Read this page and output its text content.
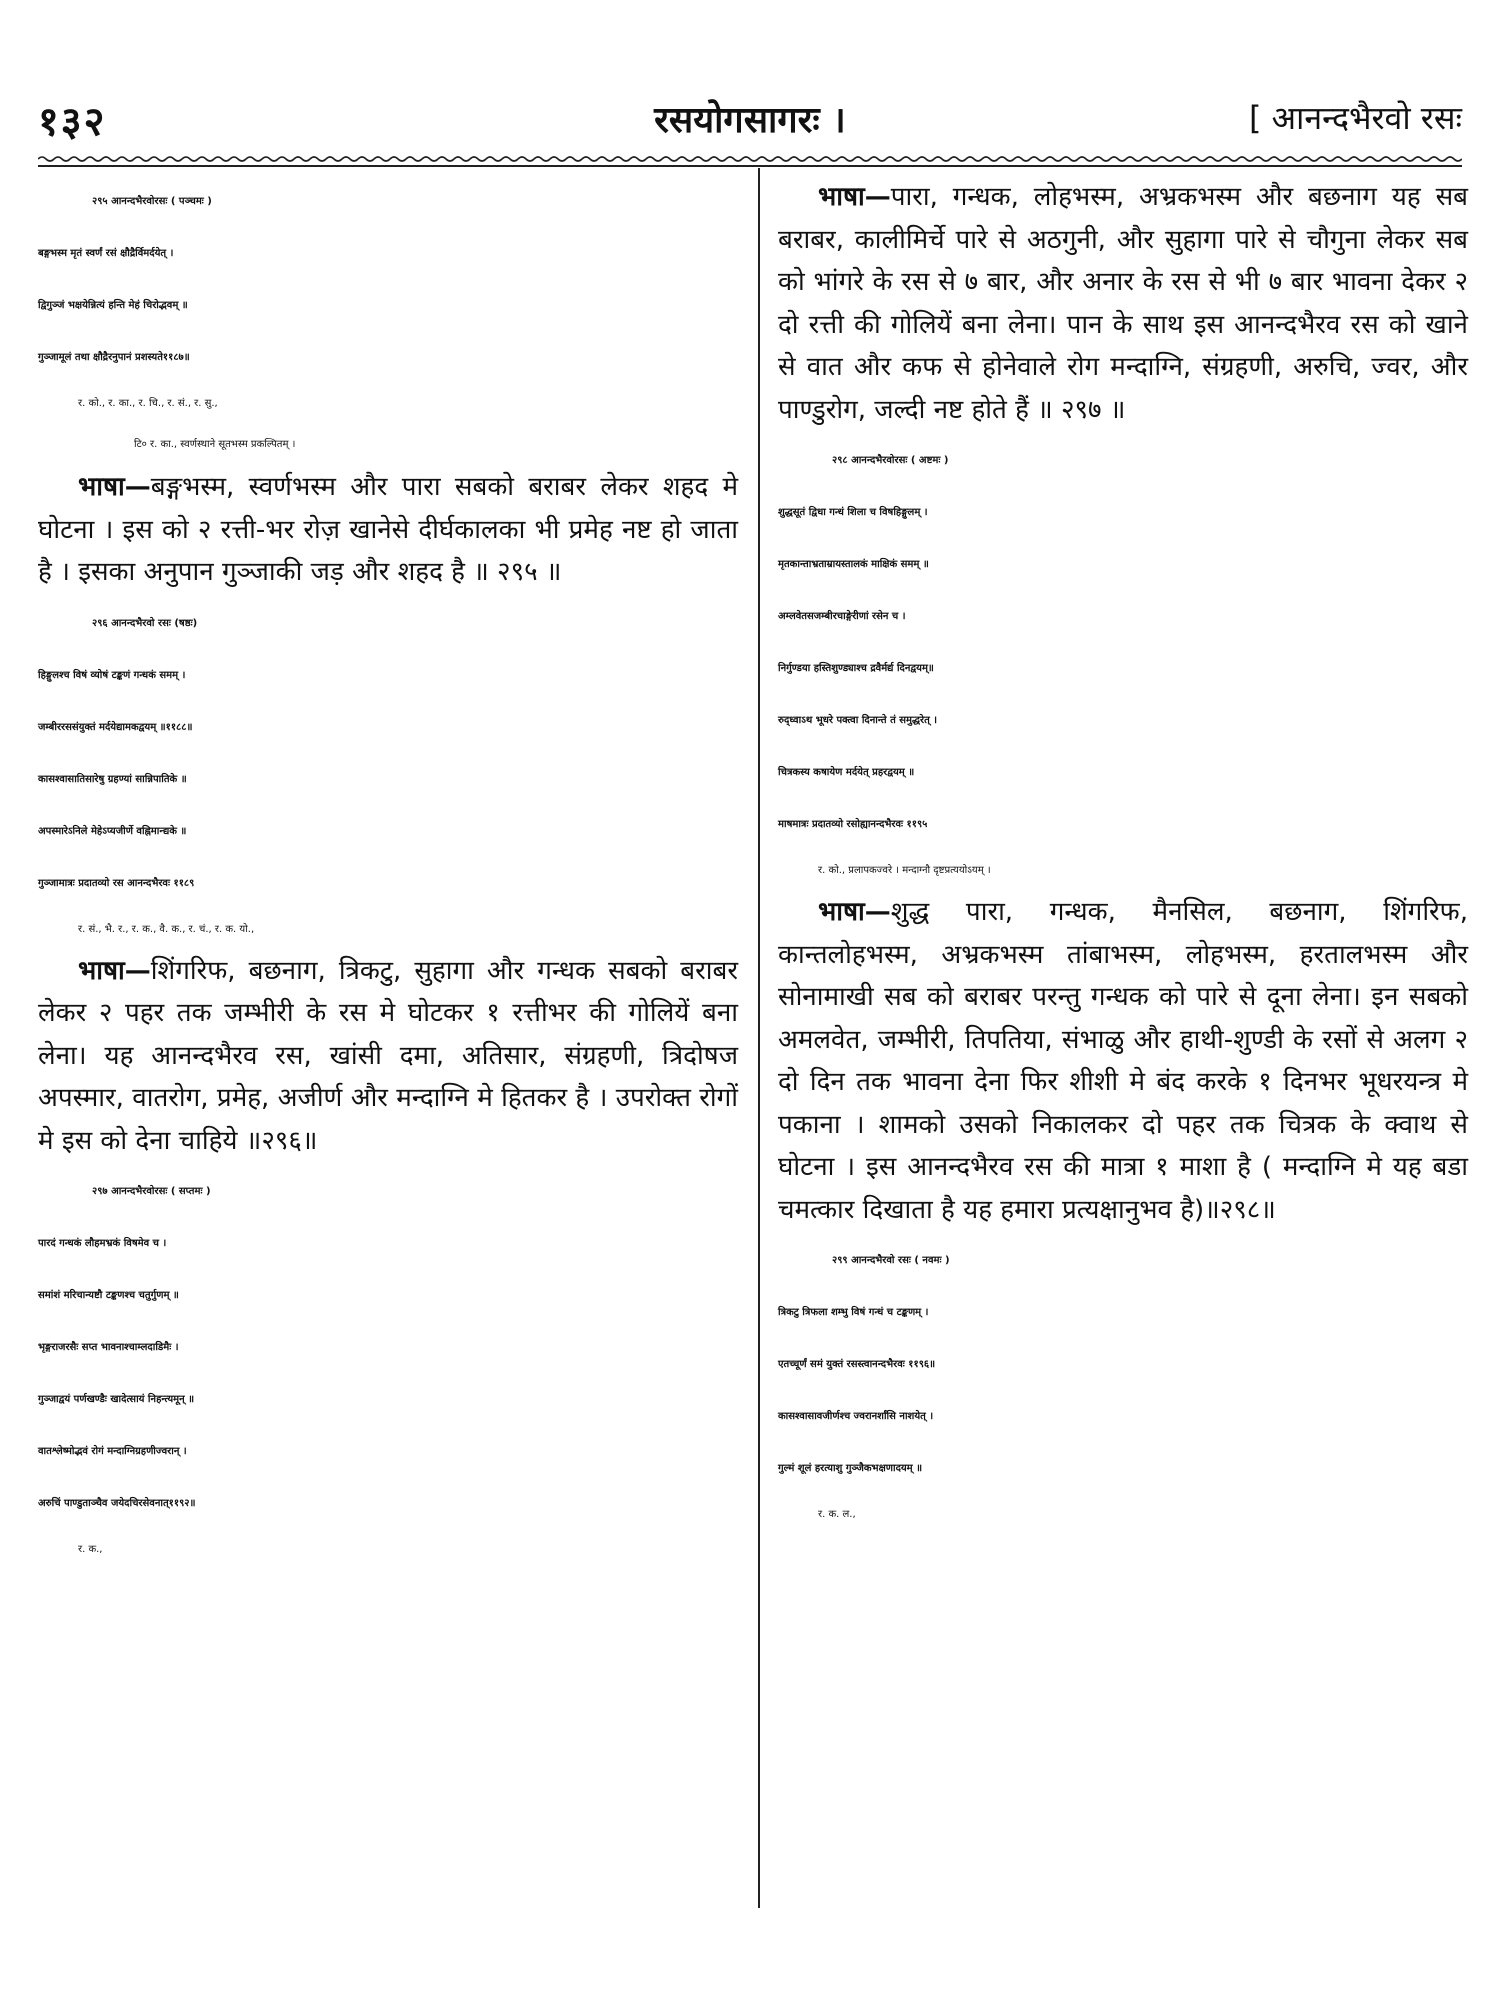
रसयोगसागरः ।
१३२	[ आनन्दभैरवो रसः
२९५ आनन्दभैरवोरसः ( पञ्चमः )
बङ्गभस्म मृतं स्वर्णं रसं क्षौद्रैर्विमर्दयेत् ।
द्विगुञ्जं भक्षयेन्नित्यं हन्ति मेहं चिरोद्भवम् ॥
गुञ्जामूलं तथा क्षौद्रैरनुपानं प्रशस्यते११८७॥
र. को., र. का., र. चि., र. सं., र. सु.,
टि० र. का., स्वर्णस्थाने सूतभस्म प्रकल्पितम् ।
भाषा—बङ्गभस्म, स्वर्णभस्म और पारा सबको बराबर लेकर शहद मे घोटना । इस को २ रत्ती-भर रोज़ खानेसे दीर्घकालका भी प्रमेह नष्ट हो जाता है । इसका अनुपान गुञ्जाकी जड़ और शहद है ॥ २९५ ॥
२९६ आनन्दभैरवो रसः (षष्ठः)
हिङ्गुलश्च विषं व्योषं टङ्कणं गन्धकं समम् ।
जम्बीररससंयुक्तं मर्दयेद्यामकद्वयम् ॥११८८॥
कासश्वासातिसारेषु ग्रहण्यां सान्निपातिके ॥
अपस्मारेऽनिले मेहेऽप्यजीर्णे वह्निमान्द्यके ॥
गुञ्जामात्रः प्रदातव्यो रस आनन्दभैरवः ११८९
र. सं., भै. र., र. क., वै. क., र. चं., र. क. यो.,
भाषा—शिंगरिफ, बछनाग, त्रिकटु, सुहागा और गन्धक सबको बराबर लेकर २ पहर तक जम्भीरी के रस मे घोटकर १ रत्तीभर की गोलियें बना लेना। यह आनन्दभैरव रस, खांसी दमा, अतिसार, संग्रहणी, त्रिदोषज अपस्मार, वातरोग, प्रमेह, अजीर्ण और मन्दाग्नि मे हितकर है । उपरोक्त रोगों मे इस को देना चाहिये ॥२९६॥
२९७ आनन्दभैरवोरसः ( सप्तमः )
पारदं गन्धकं लौहमभ्रकं विषमेव च ।
समांशं मरिचान्यष्टौ टङ्कणश्च चतुर्गुणम् ॥
भृङ्गराजरसैः सप्त भावनाश्चाम्लदाडिमैः ।
गुञ्जाद्वयं पर्णखण्डैः खादेत्सायं निहन्त्यमून् ॥
वातश्लेष्मोद्भवं रोगं मन्दाग्निग्रहणीज्वरान् ।
अरुचिं पाण्डुताञ्चैव जयेदचिरसेवनात्११९२॥
र. क.,
भाषा—पारा, गन्धक, लोहभस्म, अभ्रकभस्म और बछनाग यह सब बराबर, कालीमिर्चे पारे से अठगुनी, और सुहागा पारे से चौगुना लेकर सब को भांगरे के रस से ७ बार, और अनार के रस से भी ७ बार भावना देकर २ दो रत्ती की गोलियें बना लेना। पान के साथ इस आनन्दभैरव रस को खाने से वात और कफ से होनेवाले रोग मन्दाग्नि, संग्रहणी, अरुचि, ज्वर, और पाण्डुरोग, जल्दी नष्ट होते हैं ॥ २९७ ॥
२९८ आनन्दभैरवोरसः ( अष्टमः )
शुद्धसूतं द्विधा गन्धं शिला च विषहिङ्गुलम् ।
मृतकान्ताभ्रताम्रायस्तालकं माक्षिकं समम् ॥
अम्लवेतसजम्बीरचाङ्गेरीणां रसेन च ।
निर्गुण्डया हस्तिशुण्ड्याश्च द्रवैर्मर्द्य दिनद्वयम्॥
रुद्ध्वाऽथ भूधरे पक्त्वा दिनान्ते तं समुद्धरेत् ।
चित्रकस्य कषायेण मर्दयेत् प्रहरद्वयम् ॥
माषमात्रः प्रदातव्यो रसोह्यानन्दभैरवः ११९५
र. को., प्रलापकज्वरे । मन्दाग्नौ दृष्टप्रत्ययोऽयम् ।
भाषा—शुद्ध पारा, गन्धक, मैनसिल, बछनाग, शिंगरिफ, कान्तलोहभस्म, अभ्रकभस्म तांबाभस्म, लोहभस्म, हरतालभस्म और सोनामाखी सब को बराबर परन्तु गन्धक को पारे से दूना लेना। इन सबको अमलवेत, जम्भीरी, तिपतिया, संभाळु और हाथी-शुण्डी के रसों से अलग २ दो दिन तक भावना देना फिर शीशी मे बंद करके १ दिनभर भूधरयन्त्र मे पकाना । शामको उसको निकालकर दो पहर तक चित्रक के क्वाथ से घोटना । इस आनन्दभैरव रस की मात्रा १ माशा है ( मन्दाग्नि मे यह बडा चमत्कार दिखाता है यह हमारा प्रत्यक्षानुभव है)॥२९८॥
२९९ आनन्दभैरवो रसः ( नवमः )
त्रिकटु त्रिफला शम्भु विषं गन्धं च टङ्कणम् ।
एतच्चूर्णं समं युक्तं रसस्त्वानन्दभैरवः ११९६॥
कासश्वासावजीर्णश्च ज्वरानर्शांसि नाशयेत् ।
गुल्मं शूलं हरत्याशु गुञ्जैकभक्षणादयम् ॥
र. क. ल.,
